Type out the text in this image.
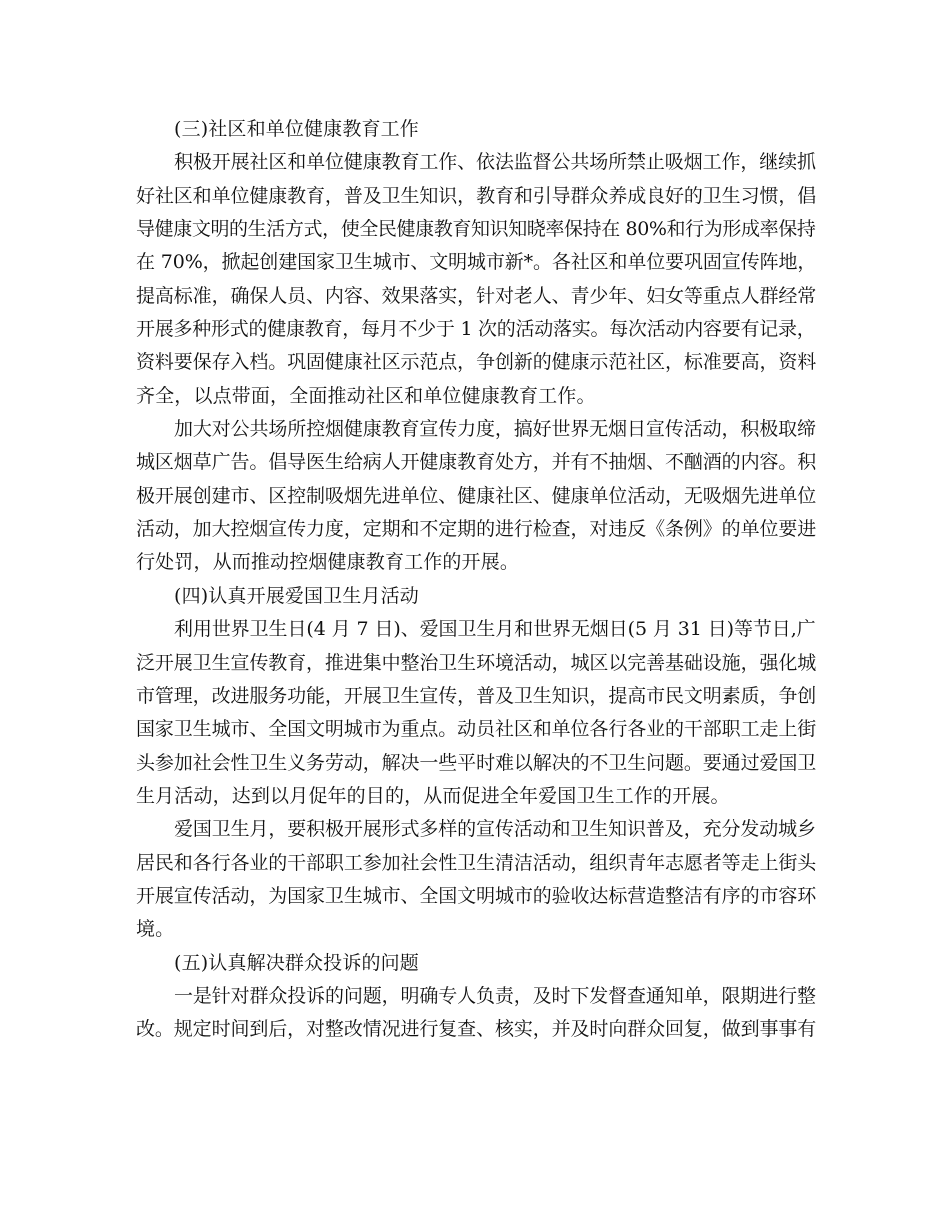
(三)社区和单位健康教育工作
积极开展社区和单位健康教育工作、依法监督公共场所禁止吸烟工作，继续抓
好社区和单位健康教育，普及卫生知识，教育和引导群众养成良好的卫生习惯，倡
导健康文明的生活方式，使全民健康教育知识知晓率保持在 80%和行为形成率保持
在 70%，掀起创建国家卫生城市、文明城市新*。各社区和单位要巩固宣传阵地，
提高标准，确保人员、内容、效果落实，针对老人、青少年、妇女等重点人群经常
开展多种形式的健康教育，每月不少于 1 次的活动落实。每次活动内容要有记录，
资料要保存入档。巩固健康社区示范点，争创新的健康示范社区，标准要高，资料
齐全，以点带面，全面推动社区和单位健康教育工作。
加大对公共场所控烟健康教育宣传力度，搞好世界无烟日宣传活动，积极取缔
城区烟草广告。倡导医生给病人开健康教育处方，并有不抽烟、不酗酒的内容。积
极开展创建市、区控制吸烟先进单位、健康社区、健康单位活动，无吸烟先进单位
活动，加大控烟宣传力度，定期和不定期的进行检查，对违反《条例》的单位要进
行处罚，从而推动控烟健康教育工作的开展。
(四)认真开展爱国卫生月活动
利用世界卫生日(4 月 7 日)、爱国卫生月和世界无烟日(5 月 31 日)等节日,广
泛开展卫生宣传教育，推进集中整治卫生环境活动，城区以完善基础设施，强化城
市管理，改进服务功能，开展卫生宣传，普及卫生知识，提高市民文明素质，争创
国家卫生城市、全国文明城市为重点。动员社区和单位各行各业的干部职工走上街
头参加社会性卫生义务劳动，解决一些平时难以解决的不卫生问题。要通过爱国卫
生月活动，达到以月促年的目的，从而促进全年爱国卫生工作的开展。
爱国卫生月，要积极开展形式多样的宣传活动和卫生知识普及，充分发动城乡
居民和各行各业的干部职工参加社会性卫生清洁活动，组织青年志愿者等走上街头
开展宣传活动，为国家卫生城市、全国文明城市的验收达标营造整洁有序的市容环
境。
(五)认真解决群众投诉的问题
一是针对群众投诉的问题，明确专人负责，及时下发督查通知单，限期进行整
改。规定时间到后，对整改情况进行复查、核实，并及时向群众回复，做到事事有
